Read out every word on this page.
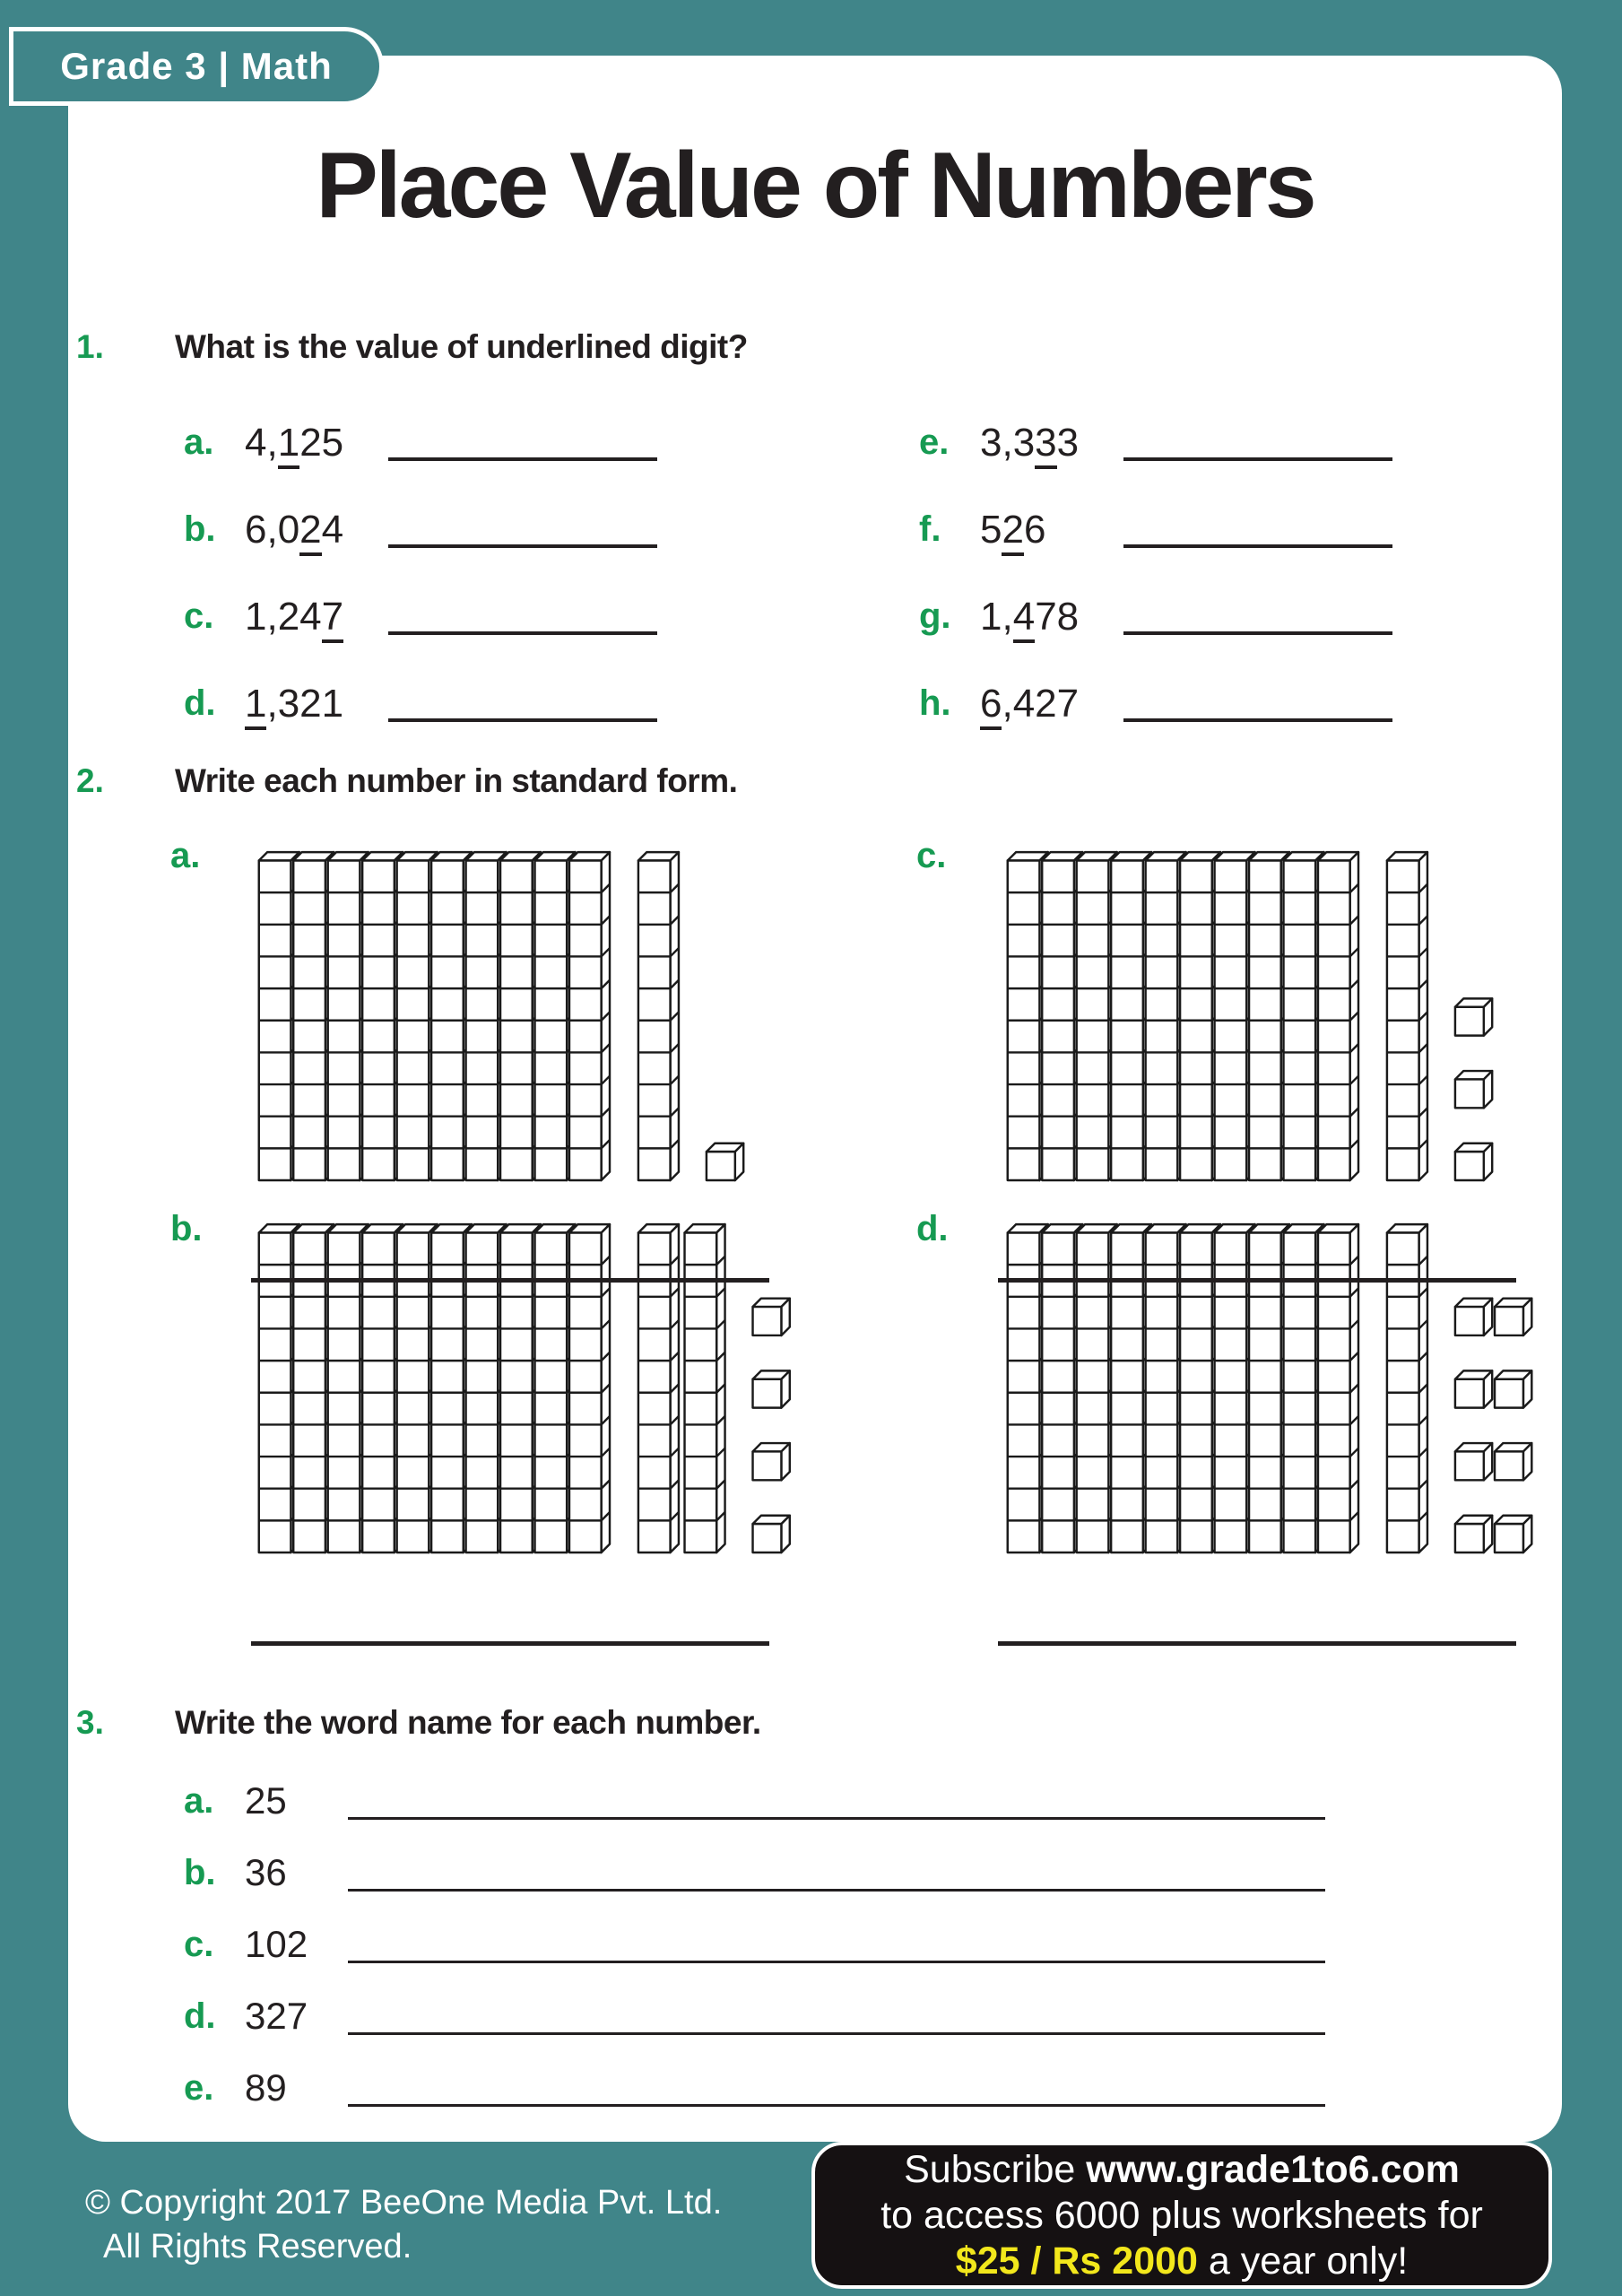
Grade 3 | Math
Place Value of Numbers
1. What is the value of underlined digit?
a. 4,125
b. 6,024
c. 1,247
d. 1,321
e. 3,333
f. 526
g. 1,478
h. 6,427
2. Write each number in standard form.
a.	c.
b.	d.
3. Write the word name for each number.
a. 25
b. 36
c. 102
d. 327
e. 89
© Copyright 2017 BeeOne Media Pvt. Ltd.
All Rights Reserved.
Subscribe www.grade1to6.com
to access 6000 plus worksheets for
$25 / Rs 2000 a year only!
